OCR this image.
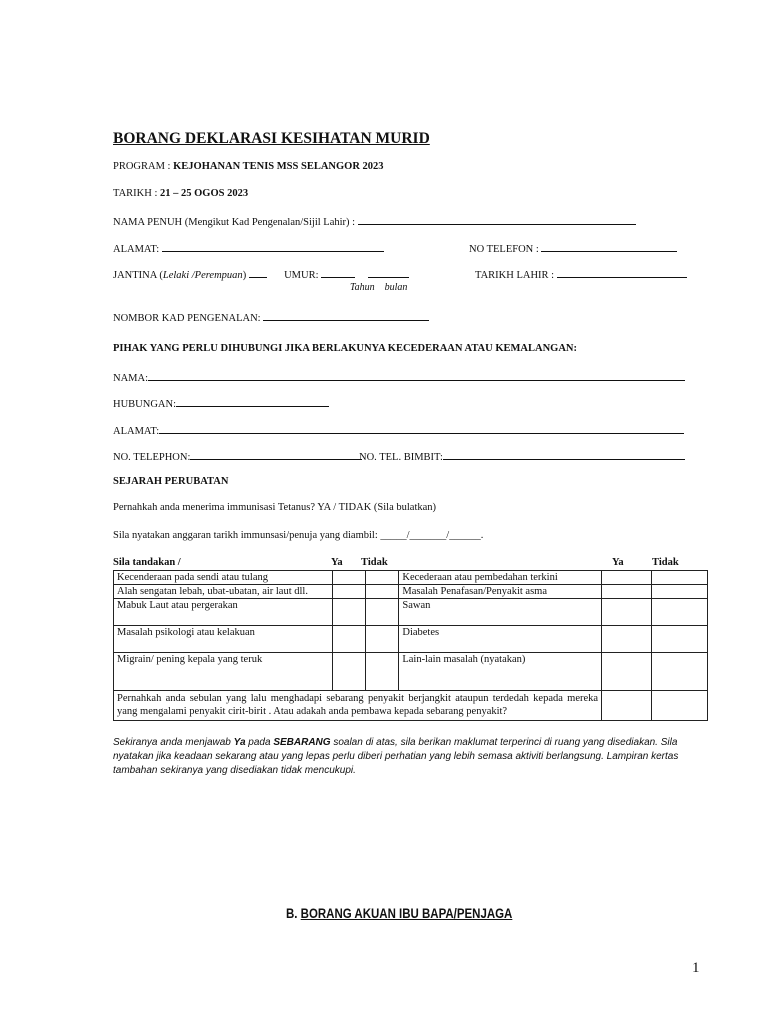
BORANG DEKLARASI KESIHATAN MURID
PROGRAM : KEJOHANAN TENIS MSS SELANGOR 2023
TARIKH : 21 – 25 OGOS 2023
NAMA PENUH (Mengikut Kad Pengenalan/Sijil Lahir) :
ALAMAT:	NO TELEFON :
JANTINA (Lelaki /Perempuan)	UMUR:
Tahun bulan
TARIKH LAHIR :
NOMBOR KAD PENGENALAN:
PIHAK YANG PERLU DIHUBUNGI JIKA BERLAKUNYA KECEDERAAN ATAU KEMALANGAN:
NAMA:
HUBUNGAN:
ALAMAT:
NO. TELEPHON:	NO. TEL. BIMBIT:
SEJARAH PERUBATAN
Pernahkah anda menerima immunisasi Tetanus? YA / TIDAK (Sila bulatkan)
Sila nyatakan anggaran tarikh immunsasi/penuja yang diambil: _____/_______/______.
Sila tandakan /	Ya Tidak	Ya	Tidak
Kecenderaan pada sendi atau tulang			Kecederaan atau pembedahan terkini		
Alah sengatan lebah, ubat-ubatan, air laut dll.			Masalah Penafasan/Penyakit asma		
Mabuk Laut atau pergerakan			Sawan		
Masalah psikologi atau kelakuan			Diabetes		
Migrain/ pening kepala yang teruk			Lain-lain masalah (nyatakan)		
Pernahkah anda sebulan yang lalu menghadapi sebarang penyakit berjangkit ataupun terdedah kepada mereka yang mengalami penyakit cirit-birit . Atau adakah anda pembawa kepada sebarang penyakit?					
Sekiranya anda menjawab Ya pada SEBARANG soalan di atas, sila berikan maklumat terperinci di ruang yang disediakan. Sila nyatakan jika keadaan sekarang atau yang lepas perlu diberi perhatian yang lebih semasa aktiviti berlangsung. Lampiran kertas tambahan sekiranya yang disediakan tidak mencukupi.
B. BORANG AKUAN IBU BAPA/PENJAGA
1
